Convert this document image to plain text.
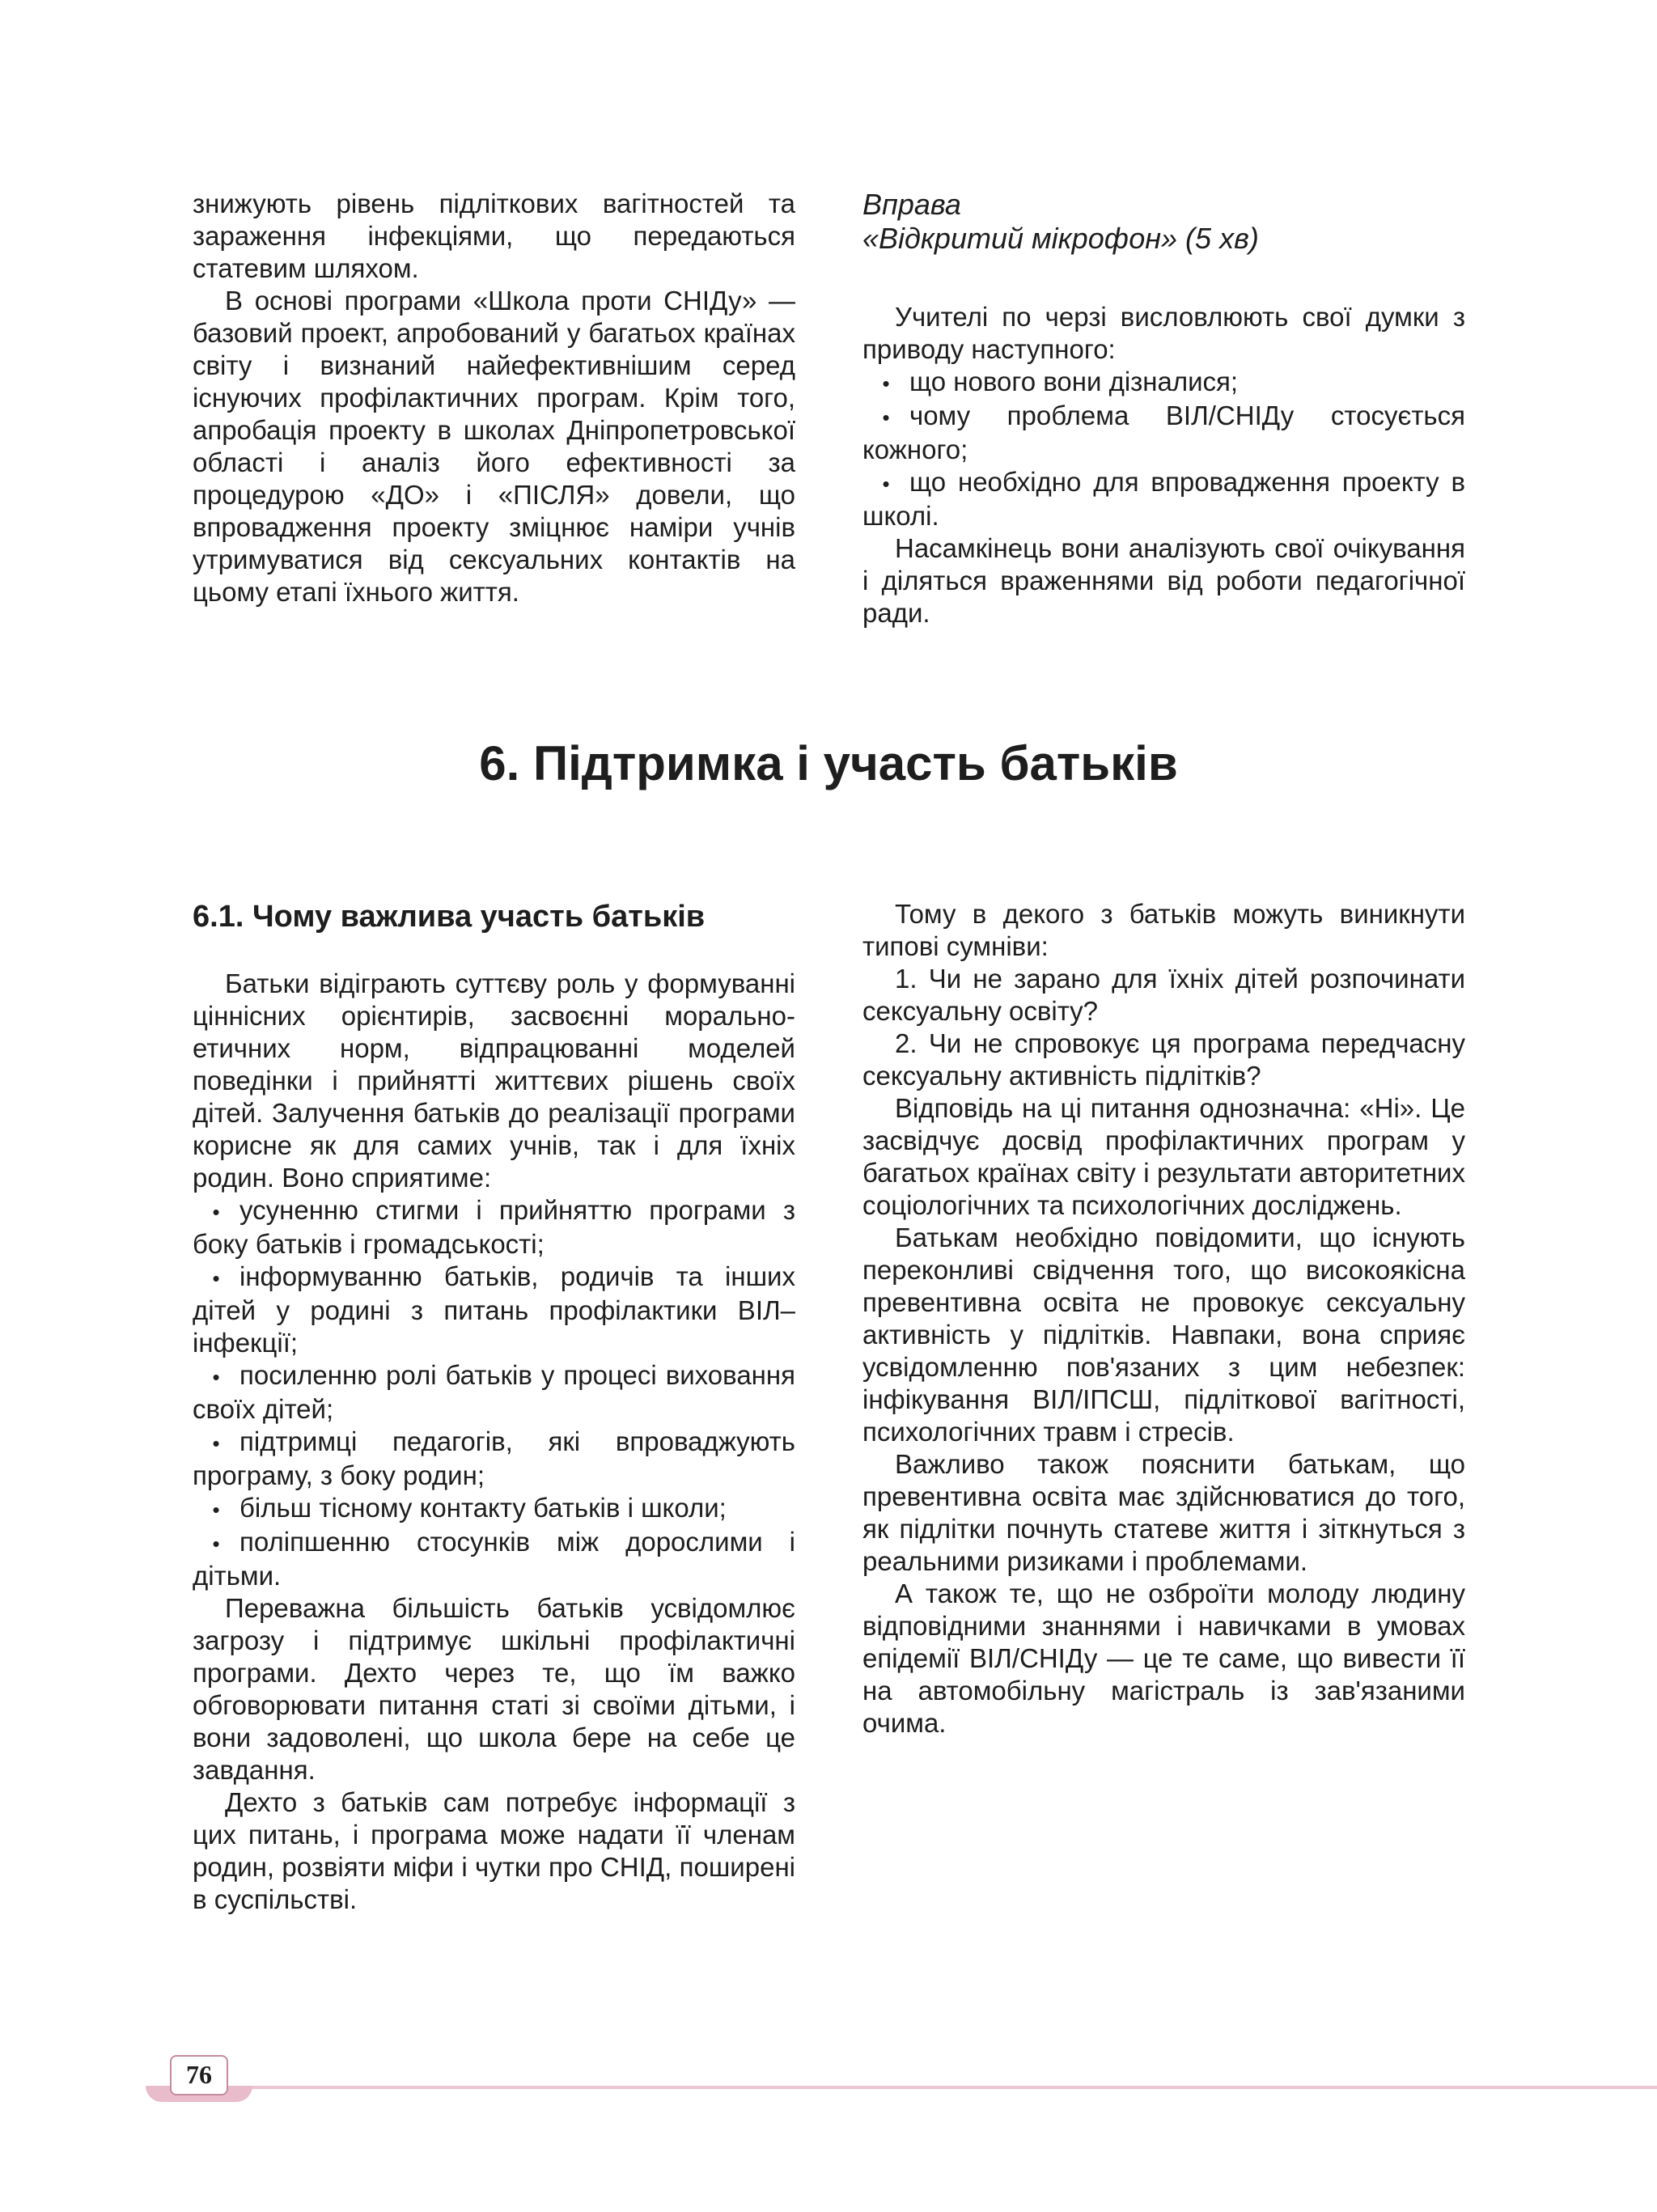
знижують рівень підліткових вагітностей та зараження інфекціями, що передаються статевим шляхом.

В основі програми «Школа проти СНІДу» — базовий проект, апробований у багатьох країнах світу і визнаний найефективнішим серед існуючих профілактичних програм. Крім того, апробація проекту в школах Дніпропетровської області і аналіз його ефективності за процедурою «ДО» і «ПІСЛЯ» довели, що впровадження проекту зміцнює наміри учнів утримуватися від сексуальних контактів на цьому етапі їхнього життя.

Вправа
«Відкритий мікрофон» (5 хв)

Учителі по черзі висловлюють свої думки з приводу наступного:

• що нового вони дізналися;

• чому проблема ВІЛ/СНІДу стосується кожного;

• що необхідно для впровадження проекту в школі.

Насамкінець вони аналізують свої очікування і діляться враженнями від роботи педагогічної ради.

6. Підтримка і участь батьків
6.1. Чому важлива участь батьків

Батьки відіграють суттєву роль у формуванні ціннісних орієнтирів, засвоєнні морально-етичних норм, відпрацюванні моделей поведінки і прийнятті життєвих рішень своїх дітей. Залучення батьків до реалізації програми корисне як для самих учнів, так і для їхніх родин. Воно сприятиме:

• усуненню стигми і прийняттю програми з боку батьків і громадськості;

• інформуванню батьків, родичів та інших дітей у родині з питань профілактики ВІЛ–інфекції;

• посиленню ролі батьків у процесі виховання своїх дітей;

• підтримці педагогів, які впроваджують програму, з боку родин;

• більш тісному контакту батьків і школи;

• поліпшенню стосунків між дорослими і дітьми.

Переважна більшість батьків усвідомлює загрозу і підтримує шкільні профілактичні програми. Дехто через те, що їм важко обговорювати питання статі зі своїми дітьми, і вони задоволені, що школа бере на себе це завдання.

Дехто з батьків сам потребує інформації з цих питань, і програма може надати її членам родин, розвіяти міфи і чутки про СНІД, поширені в суспільстві.

Тому в декого з батьків можуть виникнути типові сумніви:

1. Чи не зарано для їхніх дітей розпочинати сексуальну освіту?

2. Чи не спровокує ця програма передчасну сексуальну активність підлітків?

Відповідь на ці питання однозначна: «Ні». Це засвідчує досвід профілактичних програм у багатьох країнах світу і результати авторитетних соціологічних та психологічних досліджень.

Батькам необхідно повідомити, що існують переконливі свідчення того, що високоякісна превентивна освіта не провокує сексуальну активність у підлітків. Навпаки, вона сприяє усвідомленню пов'язаних з цим небезпек: інфікування ВІЛ/ІПСШ, підліткової вагітності, психологічних травм і стресів.

Важливо також пояснити батькам, що превентивна освіта має здійснюватися до того, як підлітки почнуть статеве життя і зіткнуться з реальними ризиками і проблемами.

А також те, що не озброїти молоду людину відповідними знаннями і навичками в умовах епідемії ВІЛ/СНІДу — це те саме, що вивести її на автомобільну магістраль із зав'язаними очима.

76
